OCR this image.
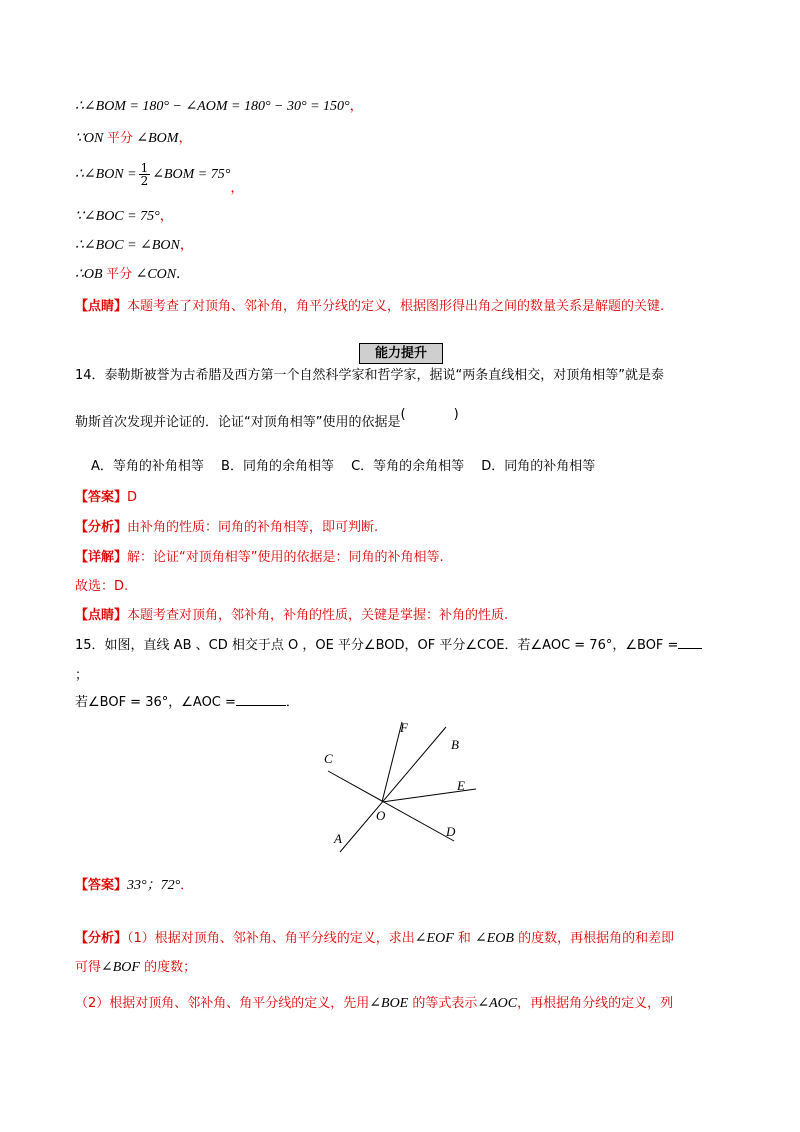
∴∠BOM = 180° − ∠AOM = 180° − 30° = 150°，
∵ON 平分 ∠BOM，
∴∠BON = $\frac{1}{2}$ ∠BOM = 75°，
∵∠BOC = 75°，
∴∠BOC = ∠BON，
∴OB 平分 ∠CON．
【点睛】本题考查了对顶角、邻补角，角平分线的定义，根据图形得出角之间的数量关系是解题的关键.
能力提升
14．泰勒斯被誉为古希腊及西方第一个自然科学家和哲学家，据说“两条直线相交，对顶角相等”就是泰
勒斯首次发现并论证的．论证“对顶角相等”使用的依据是(	)
A．等角的补角相等　 B．同角的余角相等　 C．等角的余角相等　 D．同角的补角相等
【答案】D
【分析】由补角的性质：同角的补角相等，即可判断.
【详解】解：论证“对顶角相等”使用的依据是：同角的补角相等.
故选：D.
【点睛】本题考查对顶角，邻补角，补角的性质，关键是掌握：补角的性质.
15．如图，直线 AB 、CD 相交于点 O ，OE 平分∠BOD，OF 平分∠COE．若∠AOC = 76°，∠BOF =
；
若∠BOF = 36°，∠AOC =	．
F
B
C
E
O
D
A
【答案】33°；72°．
【分析】（1）根据对顶角、邻补角、角平分线的定义，求出∠EOF 和 ∠EOB 的度数，再根据角的和差即
可得∠BOF 的度数；
（2）根据对顶角、邻补角、角平分线的定义，先用∠BOE 的等式表示∠AOC，再根据角分线的定义，列
